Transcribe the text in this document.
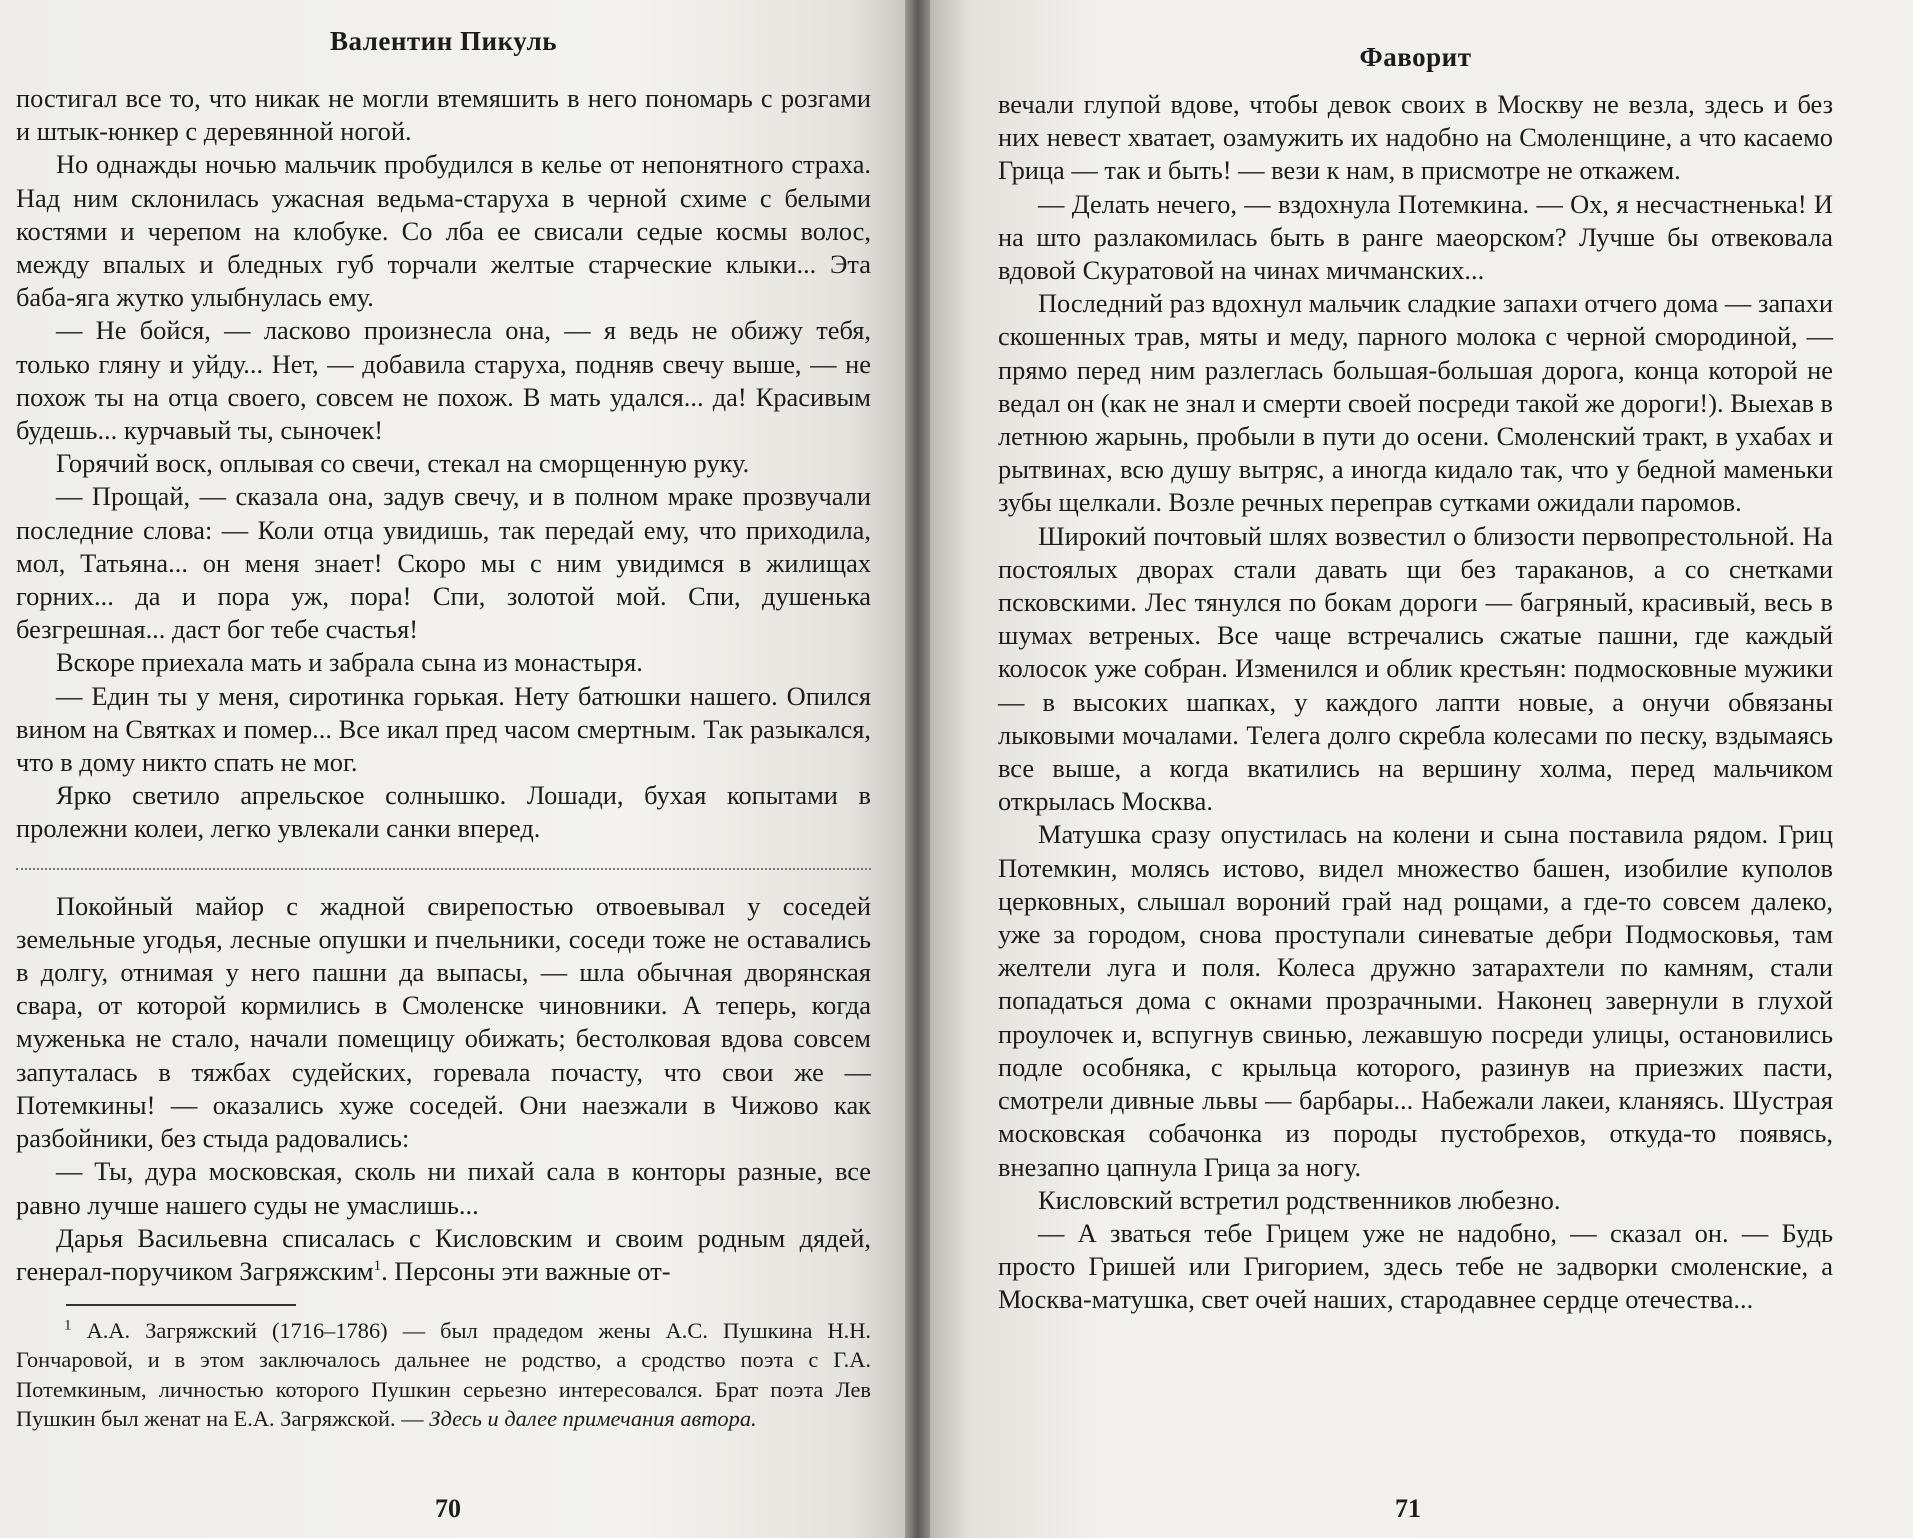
Валентин Пикуль

постигал все то, что никак не могли втемяшить в него пономарь с розгами и штык-юнкер с деревянной ногой.

Но однажды ночью мальчик пробудился в келье от непонятного страха. Над ним склонилась ужасная ведьма-старуха в черной схиме с белыми костями и черепом на клобуке. Со лба ее свисали седые космы волос, между впалых и бледных губ торчали желтые старческие клыки... Эта баба-яга жутко улыбнулась ему.

— Не бойся, — ласково произнесла она, — я ведь не обижу тебя, только гляну и уйду... Нет, — добавила старуха, подняв свечу выше, — не похож ты на отца своего, совсем не похож. В мать удался... да! Красивым будешь... курчавый ты, сыночек!

Горячий воск, оплывая со свечи, стекал на сморщенную руку.

— Прощай, — сказала она, задув свечу, и в полном мраке прозвучали последние слова: — Коли отца увидишь, так передай ему, что приходила, мол, Татьяна... он меня знает! Скоро мы с ним увидимся в жилищах горних... да и пора уж, пора! Спи, золотой мой. Спи, душенька безгрешная... даст бог тебе счастья!

Вскоре приехала мать и забрала сына из монастыря.

— Един ты у меня, сиротинка горькая. Нету батюшки нашего. Опился вином на Святках и помер... Все икал пред часом смертным. Так разыкался, что в дому никто спать не мог.

Ярко светило апрельское солнышко. Лошади, бухая копытами в пролежни колеи, легко увлекали санки вперед.

Покойный майор с жадной свирепостью отвоевывал у соседей земельные угодья, лесные опушки и пчельники, соседи тоже не оставались в долгу, отнимая у него пашни да выпасы, — шла обычная дворянская свара, от которой кормились в Смоленске чиновники. А теперь, когда муженька не стало, начали помещицу обижать; бестолковая вдова совсем запуталась в тяжбах судейских, горевала почасту, что свои же — Потемкины! — оказались хуже соседей. Они наезжали в Чижово как разбойники, без стыда радовались:

— Ты, дура московская, сколь ни пихай сала в конторы разные, все равно лучше нашего суды не умаслишь...

Дарья Васильевна списалась с Кисловским и своим родным дядей, генерал-поручиком Загряжским$^1$. Персоны эти важные от-

$^1$ А.А. Загряжский (1716–1786) — был прадедом жены А.С. Пушкина Н.Н. Гончаровой, и в этом заключалось дальнее не родство, а сродство поэта с Г.А. Потемкиным, личностью которого Пушкин серьезно интересовался. Брат поэта Лев Пушкин был женат на Е.А. Загряжской. — Здесь и далее примечания автора.

70
Фаворит

вечали глупой вдове, чтобы девок своих в Москву не везла, здесь и без них невест хватает, озамужить их надобно на Смоленщине, а что касаемо Грица — так и быть! — вези к нам, в присмотре не откажем.

— Делать нечего, — вздохнула Потемкина. — Ох, я несчастненька! И на што разлакомилась быть в ранге маеорском? Лучше бы отвековала вдовой Скуратовой на чинах мичманских...

Последний раз вдохнул мальчик сладкие запахи отчего дома — запахи скошенных трав, мяты и меду, парного молока с черной смородиной, — прямо перед ним разлеглась большая-большая дорога, конца которой не ведал он (как не знал и смерти своей посреди такой же дороги!). Выехав в летнюю жарынь, пробыли в пути до осени. Смоленский тракт, в ухабах и рытвинах, всю душу вытряс, а иногда кидало так, что у бедной маменьки зубы щелкали. Возле речных переправ сутками ожидали паромов.

Широкий почтовый шлях возвестил о близости первопрестольной. На постоялых дворах стали давать щи без тараканов, а со снетками псковскими. Лес тянулся по бокам дороги — багряный, красивый, весь в шумах ветреных. Все чаще встречались сжатые пашни, где каждый колосок уже собран. Изменился и облик крестьян: подмосковные мужики — в высоких шапках, у каждого лапти новые, а онучи обвязаны лыковыми мочалами. Телега долго скребла колесами по песку, вздымаясь все выше, а когда вкатились на вершину холма, перед мальчиком открылась Москва.

Матушка сразу опустилась на колени и сына поставила рядом. Гриц Потемкин, молясь истово, видел множество башен, изобилие куполов церковных, слышал вороний грай над рощами, а где-то совсем далеко, уже за городом, снова проступали синеватые дебри Подмосковья, там желтели луга и поля. Колеса дружно затарахтели по камням, стали попадаться дома с окнами прозрачными. Наконец завернули в глухой проулочек и, вспугнув свинью, лежавшую посреди улицы, остановились подле особняка, с крыльца которого, разинув на приезжих пасти, смотрели дивные львы — барбары... Набежали лакеи, кланяясь. Шустрая московская собачонка из породы пустобрехов, откуда-то появясь, внезапно цапнула Грица за ногу.

Кисловский встретил родственников любезно.

— А зваться тебе Грицем уже не надобно, — сказал он. — Будь просто Гришей или Григорием, здесь тебе не задворки смоленские, а Москва-матушка, свет очей наших, стародавнее сердце отечества...

71
